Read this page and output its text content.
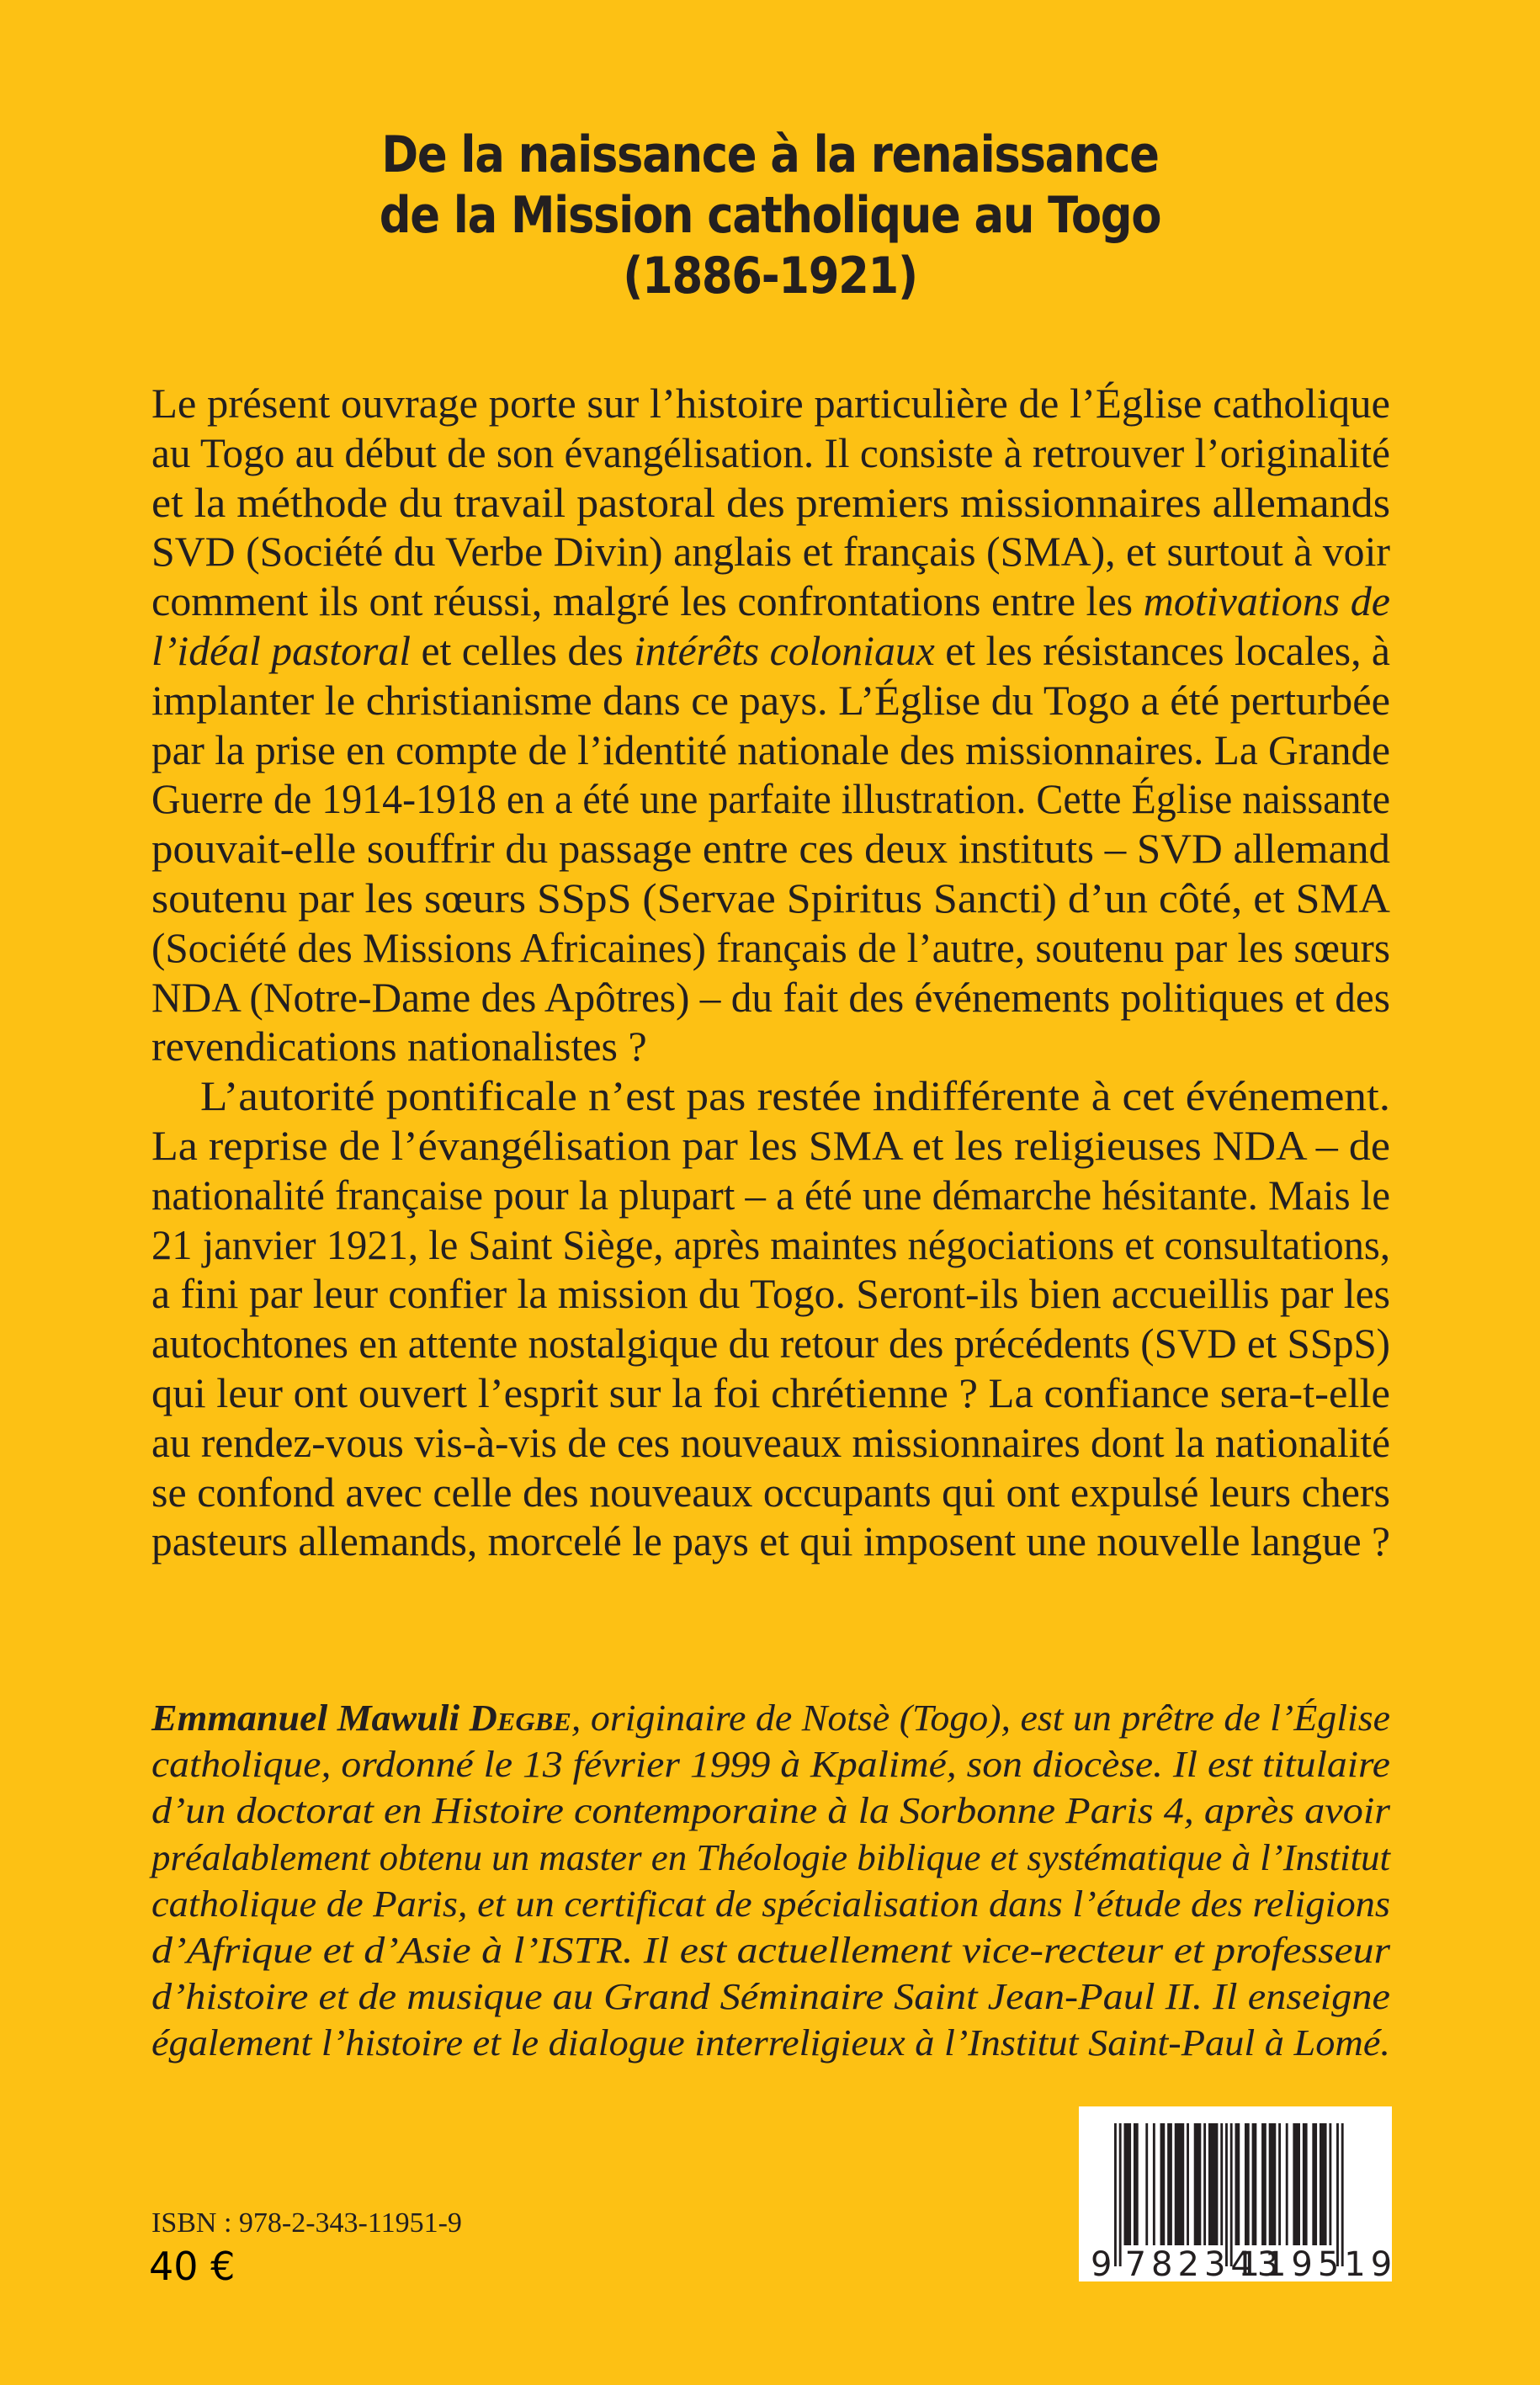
De la naissance à la renaissance
de la Mission catholique au Togo
(1886-1921)

Le présent ouvrage porte sur l’histoire particulière de l’Église catholique
au Togo au début de son évangélisation. Il consiste à retrouver l’originalité
et la méthode du travail pastoral des premiers missionnaires allemands
SVD (Société du Verbe Divin) anglais et français (SMA), et surtout à voir
comment ils ont réussi, malgré les confrontations entre les motivations de
l’idéal pastoral et celles des intérêts coloniaux et les résistances locales, à
implanter le christianisme dans ce pays. L’Église du Togo a été perturbée
par la prise en compte de l’identité nationale des missionnaires. La Grande
Guerre de 1914-1918 en a été une parfaite illustration. Cette Église naissante
pouvait-elle souffrir du passage entre ces deux instituts – SVD allemand
soutenu par les sœurs SSpS (Servae Spiritus Sancti) d’un côté, et SMA
(Société des Missions Africaines) français de l’autre, soutenu par les sœurs
NDA (Notre-Dame des Apôtres) – du fait des événements politiques et des
revendications nationalistes ?

L’autorité pontificale n’est pas restée indifférente à cet événement.
La reprise de l’évangélisation par les SMA et les religieuses NDA – de
nationalité française pour la plupart – a été une démarche hésitante. Mais le
21 janvier 1921, le Saint Siège, après maintes négociations et consultations,
a fini par leur confier la mission du Togo. Seront-ils bien accueillis par les
autochtones en attente nostalgique du retour des précédents (SVD et SSpS)
qui leur ont ouvert l’esprit sur la foi chrétienne ? La confiance sera-t-elle
au rendez-vous vis-à-vis de ces nouveaux missionnaires dont la nationalité
se confond avec celle des nouveaux occupants qui ont expulsé leurs chers
pasteurs allemands, morcelé le pays et qui imposent une nouvelle langue ?

Emmanuel Mawuli Degbe, originaire de Notsè (Togo), est un prêtre de l’Église
catholique, ordonné le 13 février 1999 à Kpalimé, son diocèse. Il est titulaire
d’un doctorat en Histoire contemporaine à la Sorbonne Paris 4, après avoir
préalablement obtenu un master en Théologie biblique et systématique à l’Institut
catholique de Paris, et un certificat de spécialisation dans l’étude des religions
d’Afrique et d’Asie à l’ISTR. Il est actuellement vice-recteur et professeur
d’histoire et de musique au Grand Séminaire Saint Jean-Paul II. Il enseigne
également l’histoire et le dialogue interreligieux à l’Institut Saint-Paul à Lomé.
ISBN : 978-2-343-11951-9
40 €	9 782343
119519
